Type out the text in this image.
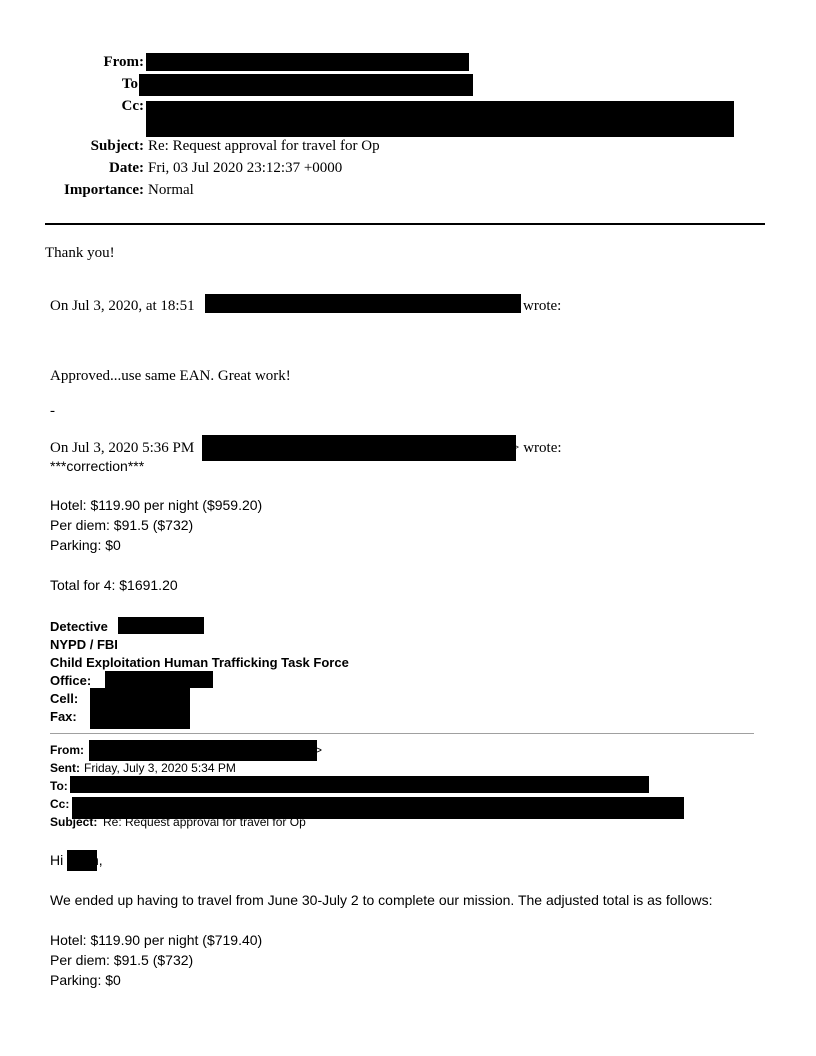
From:
To
Cc:
Subject: Re: Request approval for travel for Op
Date: Fri, 03 Jul 2020 23:12:37 +0000
Importance: Normal
Thank you!
On Jul 3, 2020, at 18:51	wrote:
Approved...use same EAN. Great work!
-
On Jul 3, 2020 5:36 PM	> wrote:
***correction***
Hotel: $119.90 per night ($959.20)
Per diem: $91.5 ($732)
Parking: $0
Total for 4: $1691.20
Detective
NYPD / FBI
Child Exploitation Human Trafficking Task Force
Office:
Cell:
Fax:
From:	>
Sent: Friday, July 3, 2020 5:34 PM
To:
Cc:
Subject: Re: Request approval for travel for Op
Hi n,
We ended up having to travel from June 30-July 2 to complete our mission. The adjusted total is as follows:
Hotel: $119.90 per night ($719.40)
Per diem: $91.5 ($732)
Parking: $0
